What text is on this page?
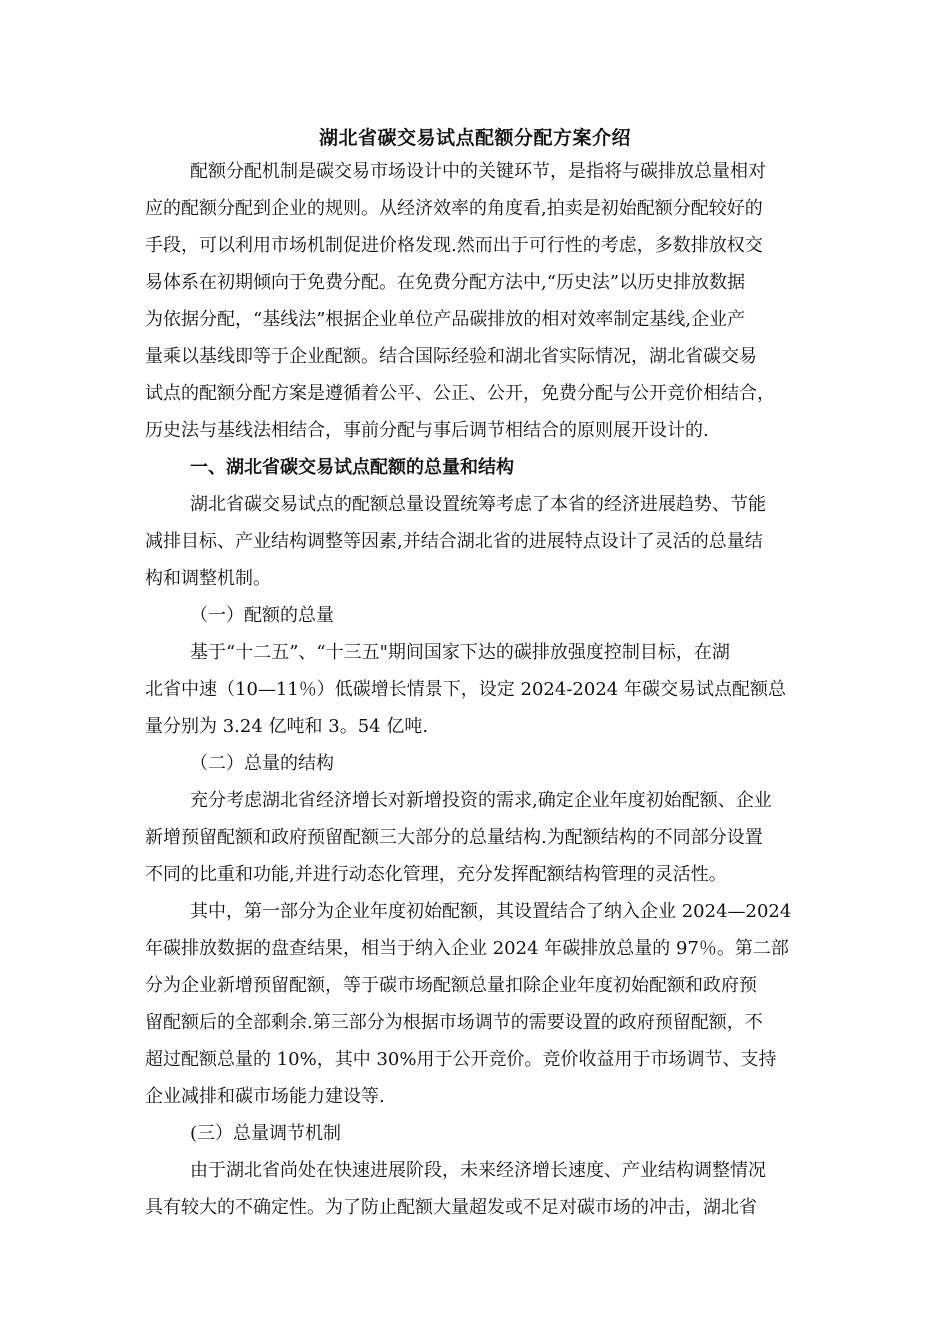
湖北省碳交易试点配额分配方案介绍

配额分配机制是碳交易市场设计中的关键环节，是指将与碳排放总量相对

应的配额分配到企业的规则。从经济效率的角度看,拍卖是初始配额分配较好的

手段，可以利用市场机制促进价格发现.然而出于可行性的考虑，多数排放权交

易体系在初期倾向于免费分配。在免费分配方法中,“历史法”以历史排放数据

为依据分配，“基线法”根据企业单位产品碳排放的相对效率制定基线,企业产

量乘以基线即等于企业配额。结合国际经验和湖北省实际情况，湖北省碳交易

试点的配额分配方案是遵循着公平、公正、公开，免费分配与公开竞价相结合，

历史法与基线法相结合，事前分配与事后调节相结合的原则展开设计的.

一、湖北省碳交易试点配额的总量和结构

湖北省碳交易试点的配额总量设置统筹考虑了本省的经济进展趋势、节能

减排目标、产业结构调整等因素,并结合湖北省的进展特点设计了灵活的总量结

构和调整机制。

（一）配额的总量

基于“十二五”、“十三五"期间国家下达的碳排放强度控制目标，在湖

北省中速（10—11％）低碳增长情景下，设定 2024-2024 年碳交易试点配额总

量分别为 3.24 亿吨和 3。54 亿吨.

（二）总量的结构

充分考虑湖北省经济增长对新增投资的需求,确定企业年度初始配额、企业

新增预留配额和政府预留配额三大部分的总量结构.为配额结构的不同部分设置

不同的比重和功能,并进行动态化管理，充分发挥配额结构管理的灵活性。

其中，第一部分为企业年度初始配额，其设置结合了纳入企业 2024—2024

年碳排放数据的盘查结果，相当于纳入企业 2024 年碳排放总量的 97％。第二部

分为企业新增预留配额，等于碳市场配额总量扣除企业年度初始配额和政府预

留配额后的全部剩余.第三部分为根据市场调节的需要设置的政府预留配额，不

超过配额总量的 10%，其中 30%用于公开竞价。竞价收益用于市场调节、支持

企业减排和碳市场能力建设等.

(三）总量调节机制

由于湖北省尚处在快速进展阶段，未来经济增长速度、产业结构调整情况

具有较大的不确定性。为了防止配额大量超发或不足对碳市场的冲击，湖北省
